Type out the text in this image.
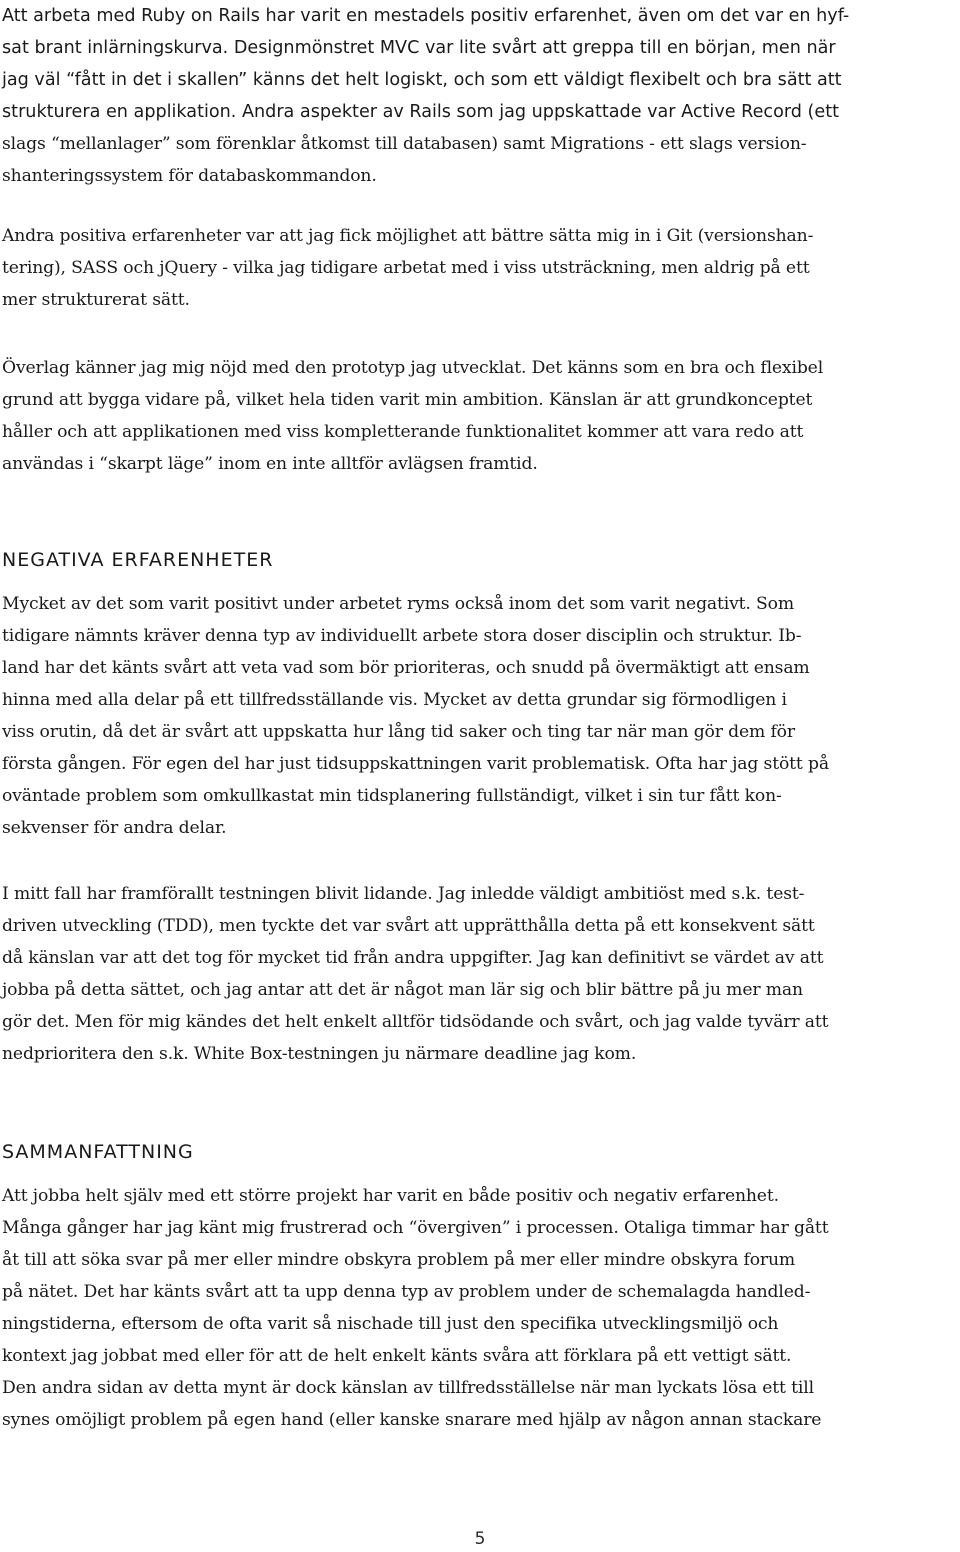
Att arbeta med Ruby on Rails har varit en mestadels positiv erfarenhet, även om det var en hyf-
sat brant inlärningskurva. Designmönstret MVC var lite svårt att greppa till en början, men när
jag väl “fått in det i skallen” känns det helt logiskt, och som ett väldigt flexibelt och bra sätt att
strukturera en applikation. Andra aspekter av Rails som jag uppskattade var Active Record (ett
slags “mellanlager” som förenklar åtkomst till databasen) samt Migrations - ett slags version-
shanteringssystem för databaskommandon.
Andra positiva erfarenheter var att jag fick möjlighet att bättre sätta mig in i Git (versionshan-
tering), SASS och jQuery - vilka jag tidigare arbetat med i viss utsträckning, men aldrig på ett
mer strukturerat sätt.
Överlag känner jag mig nöjd med den prototyp jag utvecklat. Det känns som en bra och flexibel
grund att bygga vidare på, vilket hela tiden varit min ambition. Känslan är att grundkonceptet
håller och att applikationen med viss kompletterande funktionalitet kommer att vara redo att
användas i “skarpt läge” inom en inte alltför avlägsen framtid.
NEGATIVA ERFARENHETER
Mycket av det som varit positivt under arbetet ryms också inom det som varit negativt. Som
tidigare nämnts kräver denna typ av individuellt arbete stora doser disciplin och struktur. Ib-
land har det känts svårt att veta vad som bör prioriteras, och snudd på övermäktigt att ensam
hinna med alla delar på ett tillfredsställande vis. Mycket av detta grundar sig förmodligen i
viss orutin, då det är svårt att uppskatta hur lång tid saker och ting tar när man gör dem för
första gången. För egen del har just tidsuppskattningen varit problematisk. Ofta har jag stött på
oväntade problem som omkullkastat min tidsplanering fullständigt, vilket i sin tur fått kon-
sekvenser för andra delar.
I mitt fall har framförallt testningen blivit lidande. Jag inledde väldigt ambitiöst med s.k. test-
driven utveckling (TDD), men tyckte det var svårt att upprätthålla detta på ett konsekvent sätt
då känslan var att det tog för mycket tid från andra uppgifter. Jag kan definitivt se värdet av att
jobba på detta sättet, och jag antar att det är något man lär sig och blir bättre på ju mer man
gör det. Men för mig kändes det helt enkelt alltför tidsödande och svårt, och jag valde tyvärr att
nedprioritera den s.k. White Box-testningen ju närmare deadline jag kom.
SAMMANFATTNING
Att jobba helt själv med ett större projekt har varit en både positiv och negativ erfarenhet.
Många gånger har jag känt mig frustrerad och “övergiven” i processen. Otaliga timmar har gått
åt till att söka svar på mer eller mindre obskyra problem på mer eller mindre obskyra forum
på nätet. Det har känts svårt att ta upp denna typ av problem under de schemalagda handled-
ningstiderna, eftersom de ofta varit så nischade till just den specifika utvecklingsmiljö och
kontext jag jobbat med eller för att de helt enkelt känts svåra att förklara på ett vettigt sätt.
Den andra sidan av detta mynt är dock känslan av tillfredsställelse när man lyckats lösa ett till
synes omöjligt problem på egen hand (eller kanske snarare med hjälp av någon annan stackare
5
